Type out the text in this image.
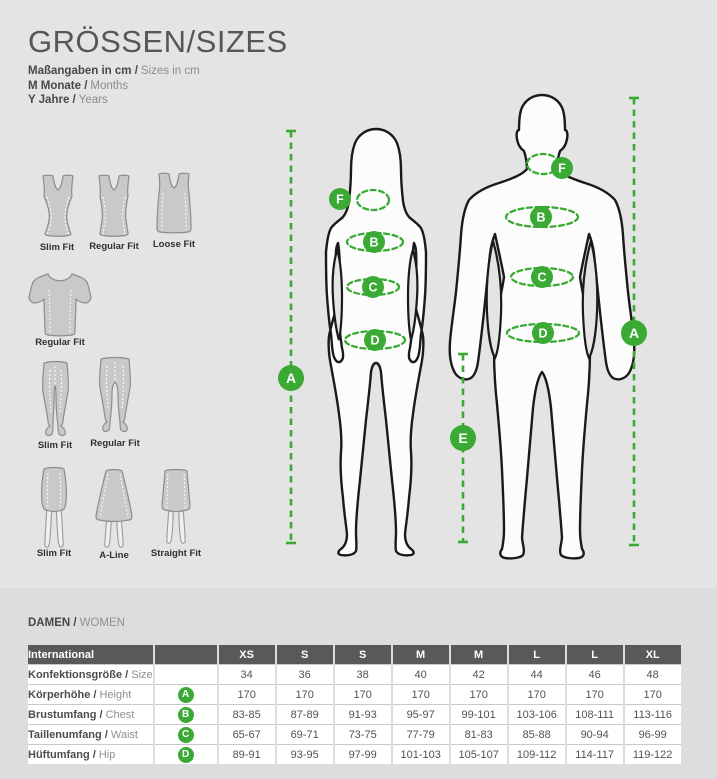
GRÖSSEN/SIZES
Maßangaben in cm / Sizes in cm
M Monate / Months
Y Jahre / Years
Slim Fit Regular Fit Loose Fit
Regular Fit
Slim Fit Regular Fit
Slim Fit	A-Line Straight Fit
F
B
C
D
F
B
C
D
A
A
E
DAMEN / WOMEN
International		XS	S	S	M	M	L	L	XL
Konfektionsgröße / Size		34	36	38	40	42	44	46	48
Körperhöhe / Height	A	170	170	170	170	170	170	170	170
Brustumfang / Chest	B	83-85	87-89	91-93	95-97	99-101	103-106	108-111	113-116
Taillenumfang / Waist	C	65-67	69-71	73-75	77-79	81-83	85-88	90-94	96-99
Hüftumfang / Hip	D	89-91	93-95	97-99	101-103	105-107	109-112	114-117	119-122
